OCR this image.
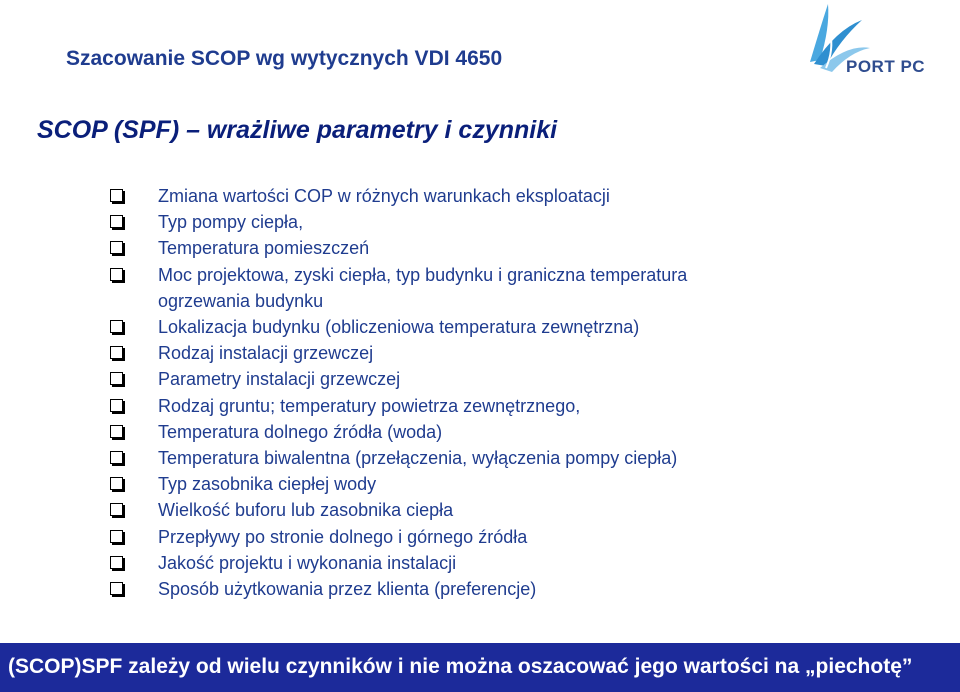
Szacowanie SCOP wg wytycznych VDI 4650	PORT PC
SCOP (SPF) – wrażliwe parametry i czynniki
Zmiana wartości COP w różnych warunkach eksploatacji
Typ pompy ciepła,
Temperatura pomieszczeń
Moc projektowa, zyski ciepła, typ budynku i graniczna temperatura
ogrzewania budynku
Lokalizacja budynku (obliczeniowa temperatura zewnętrzna)
Rodzaj instalacji grzewczej
Parametry instalacji grzewczej
Rodzaj gruntu; temperatury powietrza zewnętrznego,
Temperatura dolnego źródła (woda)
Temperatura biwalentna (przełączenia, wyłączenia pompy ciepła)
Typ zasobnika ciepłej wody
Wielkość buforu lub zasobnika ciepła
Przepływy po stronie dolnego i górnego źródła
Jakość projektu i wykonania instalacji
Sposób użytkowania przez klienta (preferencje)
(SCOP)SPF zależy od wielu czynników i nie można oszacować jego wartości na „piechotę”
